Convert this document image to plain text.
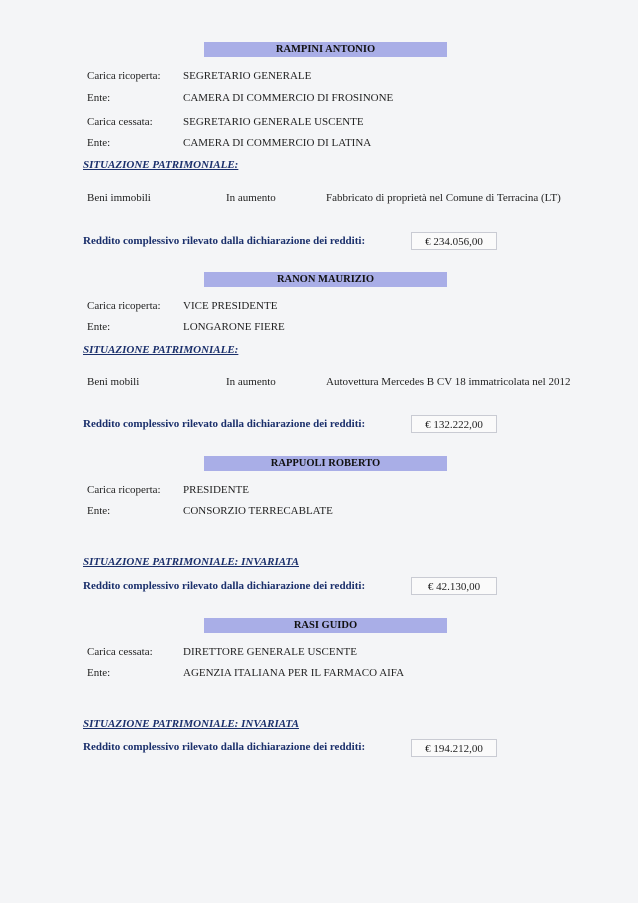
RAMPINI ANTONIO
Carica ricoperta: SEGRETARIO GENERALE
Ente:	CAMERA DI COMMERCIO DI FROSINONE
Carica cessata:	SEGRETARIO GENERALE USCENTE
Ente:	CAMERA DI COMMERCIO DI LATINA
SITUAZIONE PATRIMONIALE:
Beni immobili	In aumento	Fabbricato di proprietà nel Comune di Terracina (LT)
Reddito complessivo rilevato dalla dichiarazione dei redditi:	€ 234.056,00
RANON MAURIZIO
Carica ricoperta: VICE PRESIDENTE
Ente:	LONGARONE FIERE
SITUAZIONE PATRIMONIALE:
Beni mobili	In aumento	Autovettura Mercedes B CV 18 immatricolata nel 2012
Reddito complessivo rilevato dalla dichiarazione dei redditi:	€ 132.222,00
RAPPUOLI ROBERTO
Carica ricoperta: PRESIDENTE
Ente:	CONSORZIO TERRECABLATE
SITUAZIONE PATRIMONIALE: INVARIATA
Reddito complessivo rilevato dalla dichiarazione dei redditi:	€ 42.130,00
RASI GUIDO
Carica cessata:	DIRETTORE GENERALE USCENTE
Ente:	AGENZIA ITALIANA PER IL FARMACO AIFA
SITUAZIONE PATRIMONIALE: INVARIATA
Reddito complessivo rilevato dalla dichiarazione dei redditi:	€ 194.212,00
